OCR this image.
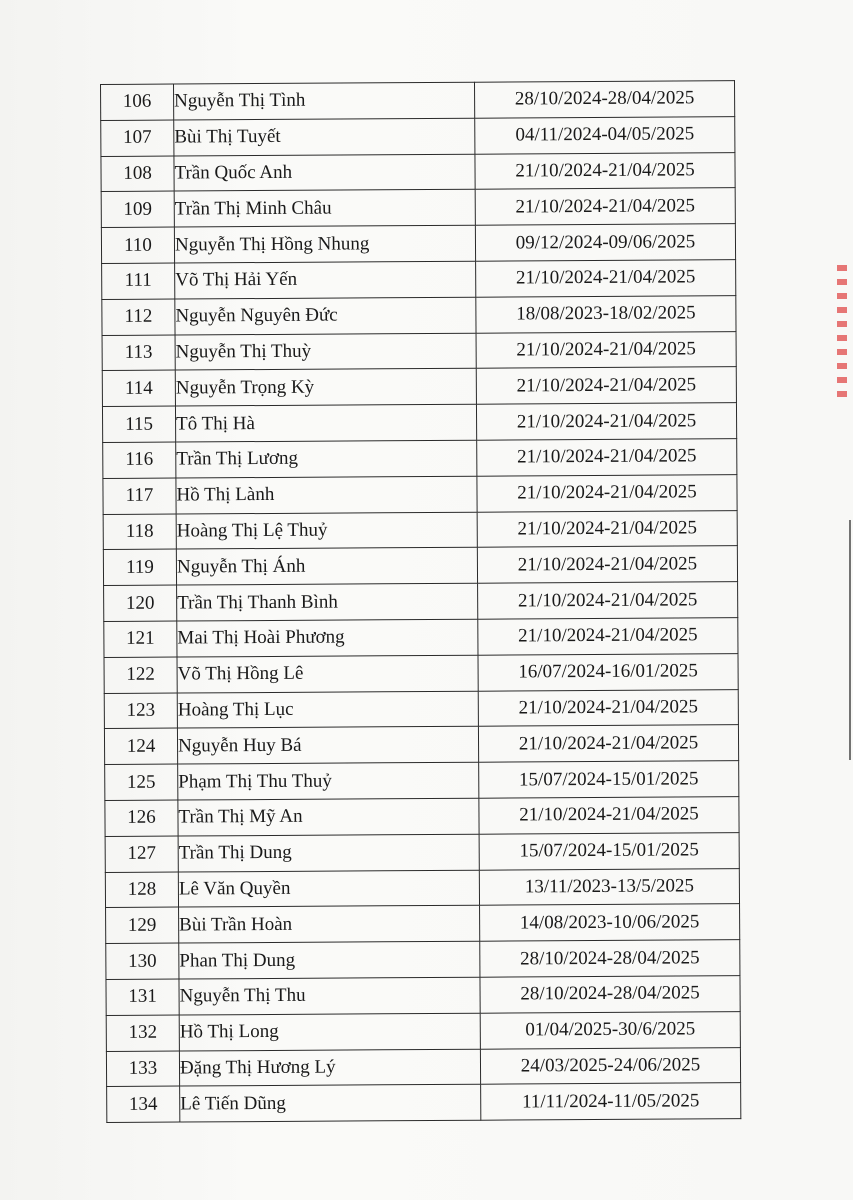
106	Nguyễn Thị Tình	28/10/2024-28/04/2025
107	Bùi Thị Tuyết	04/11/2024-04/05/2025
108	Trần Quốc Anh	21/10/2024-21/04/2025
109	Trần Thị Minh Châu	21/10/2024-21/04/2025
110	Nguyễn Thị Hồng Nhung	09/12/2024-09/06/2025
111	Võ Thị Hải Yến	21/10/2024-21/04/2025
112	Nguyễn Nguyên Đức	18/08/2023-18/02/2025
113	Nguyễn Thị Thuỳ	21/10/2024-21/04/2025
114	Nguyễn Trọng Kỳ	21/10/2024-21/04/2025
115	Tô Thị Hà	21/10/2024-21/04/2025
116	Trần Thị Lương	21/10/2024-21/04/2025
117	Hồ Thị Lành	21/10/2024-21/04/2025
118	Hoàng Thị Lệ Thuỷ	21/10/2024-21/04/2025
119	Nguyễn Thị Ánh	21/10/2024-21/04/2025
120	Trần Thị Thanh Bình	21/10/2024-21/04/2025
121	Mai Thị Hoài Phương	21/10/2024-21/04/2025
122	Võ Thị Hồng Lê	16/07/2024-16/01/2025
123	Hoàng Thị Lục	21/10/2024-21/04/2025
124	Nguyễn Huy Bá	21/10/2024-21/04/2025
125	Phạm Thị Thu Thuỷ	15/07/2024-15/01/2025
126	Trần Thị Mỹ An	21/10/2024-21/04/2025
127	Trần Thị Dung	15/07/2024-15/01/2025
128	Lê Văn Quyền	13/11/2023-13/5/2025
129	Bùi Trần Hoàn	14/08/2023-10/06/2025
130	Phan Thị Dung	28/10/2024-28/04/2025
131	Nguyễn Thị Thu	28/10/2024-28/04/2025
132	Hồ Thị Long	01/04/2025-30/6/2025
133	Đặng Thị Hương Lý	24/03/2025-24/06/2025
134	Lê Tiến Dũng	11/11/2024-11/05/2025
